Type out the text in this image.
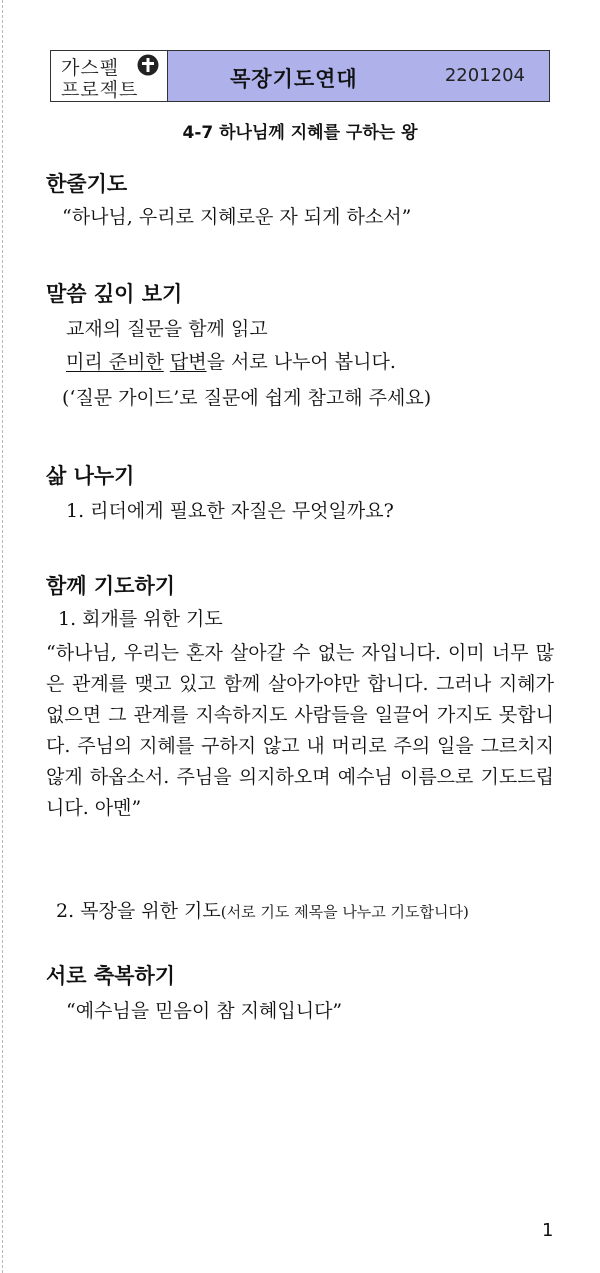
가스펠
프로젝트	목장기도연대	2201204
4-7 하나님께 지혜를 구하는 왕
한줄기도
“하나님, 우리로 지혜로운 자 되게 하소서”
말씀 깊이 보기
교재의 질문을 함께 읽고
미리 준비한 답변을 서로 나누어 봅니다.
(‘질문 가이드’로 질문에 쉽게 참고해 주세요)
삶 나누기
1. 리더에게 필요한 자질은 무엇일까요?
함께 기도하기
1. 회개를 위한 기도
“하나님, 우리는 혼자 살아갈 수 없는 자입니다. 이미 너무 많은 관계를 맺고 있고 함께 살아가야만 합니다. 그러나 지혜가 없으면 그 관계를 지속하지도 사람들을 일끌어 가지도 못합니다. 주님의 지혜를 구하지 않고 내 머리로 주의 일을 그르치지 않게 하옵소서. 주님을 의지하오며 예수님 이름으로 기도드립니다. 아멘”
2. 목장을 위한 기도(서로 기도 제목을 나누고 기도합니다)
서로 축복하기
“예수님을 믿음이 참 지혜입니다”
1
